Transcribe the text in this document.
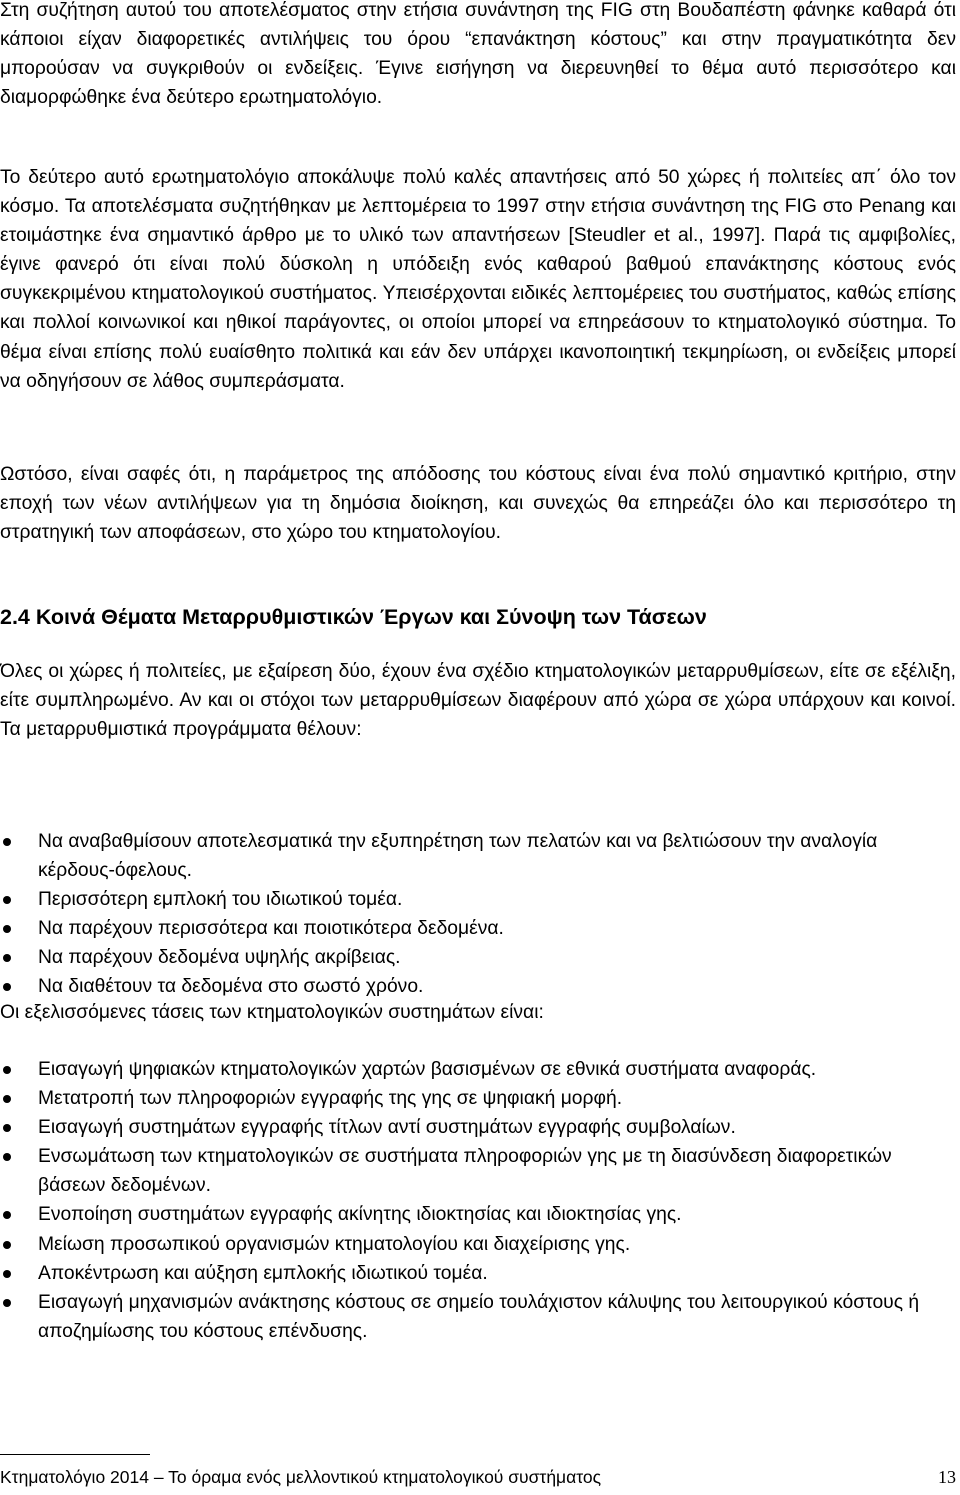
Στη συζήτηση αυτού του αποτελέσματος στην ετήσια συνάντηση της FIG στη Βουδαπέστη φάνηκε καθαρά ότι κάποιοι είχαν διαφορετικές αντιλήψεις του όρου “επανάκτηση κόστους” και στην πραγματικότητα δεν μπορούσαν να συγκριθούν οι ενδείξεις. Έγινε εισήγηση να διερευνηθεί το θέμα αυτό περισσότερο και διαμορφώθηκε ένα δεύτερο ερωτηματολόγιο.

Το δεύτερο αυτό ερωτηματολόγιο αποκάλυψε πολύ καλές απαντήσεις από 50 χώρες ή πολιτείες απ΄ όλο τον κόσμο. Τα αποτελέσματα συζητήθηκαν με λεπτομέρεια το 1997 στην ετήσια συνάντηση της FIG στο Penang και ετοιμάστηκε ένα σημαντικό άρθρο με το υλικό των απαντήσεων [Steudler et al., 1997]. Παρά τις αμφιβολίες, έγινε φανερό ότι είναι πολύ δύσκολη η υπόδειξη ενός καθαρού βαθμού επανάκτησης κόστους ενός συγκεκριμένου κτηματολογικού συστήματος. Υπεισέρχονται ειδικές λεπτομέρειες του συστήματος, καθώς επίσης και πολλοί κοινωνικοί και ηθικοί παράγοντες, οι οποίοι μπορεί να επηρεάσουν το κτηματολογικό σύστημα. Το θέμα είναι επίσης πολύ ευαίσθητο πολιτικά και εάν δεν υπάρχει ικανοποιητική τεκμηρίωση, οι ενδείξεις μπορεί να οδηγήσουν σε λάθος συμπεράσματα.

Ωστόσο, είναι σαφές ότι, η παράμετρος της απόδοσης του κόστους είναι ένα πολύ σημαντικό κριτήριο, στην εποχή των νέων αντιλήψεων για τη δημόσια διοίκηση, και συνεχώς θα επηρεάζει όλο και περισσότερο τη στρατηγική των αποφάσεων, στο χώρο του κτηματολογίου.

2.4 Κοινά Θέματα Μεταρρυθμιστικών Έργων και Σύνοψη των Τάσεων

Όλες οι χώρες ή πολιτείες, με εξαίρεση δύο, έχουν ένα σχέδιο κτηματολογικών μεταρρυθμίσεων, είτε σε εξέλιξη, είτε συμπληρωμένο. Αν και οι στόχοι των μεταρρυθμίσεων διαφέρουν από χώρα σε χώρα υπάρχουν και κοινοί. Τα μεταρρυθμιστικά προγράμματα θέλουν:

Να αναβαθμίσουν αποτελεσματικά την εξυπηρέτηση των πελατών και να βελτιώσουν την αναλογία κέρδους-όφελους.
Περισσότερη εμπλοκή του ιδιωτικού τομέα.
Να παρέχουν περισσότερα και ποιοτικότερα δεδομένα.
Να παρέχουν δεδομένα υψηλής ακρίβειας.
Να διαθέτουν τα δεδομένα στο σωστό χρόνο.

Οι εξελισσόμενες τάσεις των κτηματολογικών συστημάτων είναι:

Εισαγωγή ψηφιακών κτηματολογικών χαρτών βασισμένων σε εθνικά συστήματα αναφοράς.
Μετατροπή των πληροφοριών εγγραφής της γης σε ψηφιακή μορφή.
Εισαγωγή συστημάτων εγγραφής τίτλων αντί συστημάτων εγγραφής συμβολαίων.
Ενσωμάτωση των κτηματολογικών σε συστήματα πληροφοριών γης με τη διασύνδεση διαφορετικών βάσεων δεδομένων.
Ενοποίηση συστημάτων εγγραφής ακίνητης ιδιοκτησίας και ιδιοκτησίας γης.
Μείωση προσωπικού οργανισμών κτηματολογίου και διαχείρισης γης.
Αποκέντρωση και αύξηση εμπλοκής ιδιωτικού τομέα.
Εισαγωγή μηχανισμών ανάκτησης κόστους σε σημείο τουλάχιστον κάλυψης του λειτουργικού κόστους ή αποζημίωσης του κόστους επένδυσης.
Κτηματολόγιο 2014 – Το όραμα ενός μελλοντικού κτηματολογικού συστήματος	13
